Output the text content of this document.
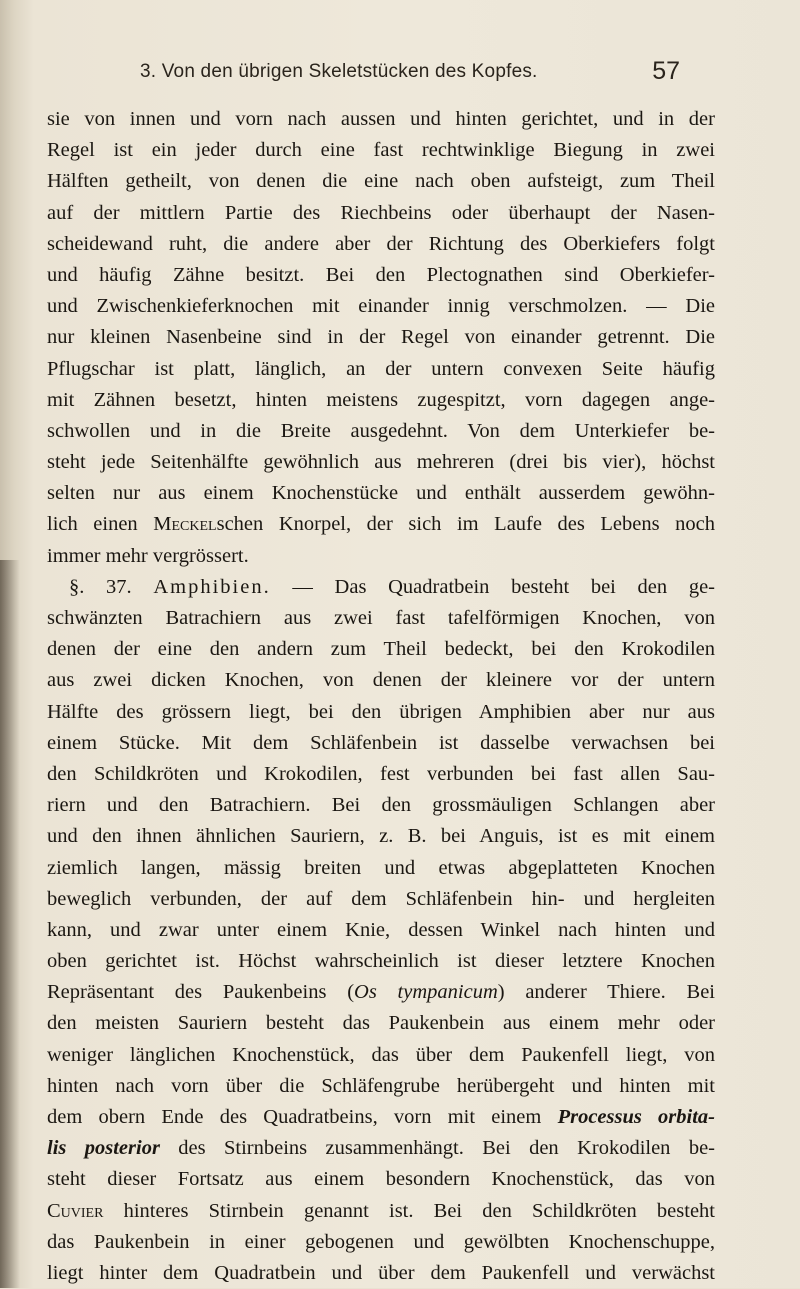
3. Von den übrigen Skeletstücken des Kopfes.	57
sie von innen und vorn nach aussen und hinten gerichtet, und in der
Regel ist ein jeder durch eine fast rechtwinklige Biegung in zwei
Hälften getheilt, von denen die eine nach oben aufsteigt, zum Theil
auf der mittlern Partie des Riechbeins oder überhaupt der Nasen-
scheidewand ruht, die andere aber der Richtung des Oberkiefers folgt
und häufig Zähne besitzt. Bei den Plectognathen sind Oberkiefer-
und Zwischenkieferknochen mit einander innig verschmolzen. — Die
nur kleinen Nasenbeine sind in der Regel von einander getrennt. Die
Pflugschar ist platt, länglich, an der untern convexen Seite häufig
mit Zähnen besetzt, hinten meistens zugespitzt, vorn dagegen ange-
schwollen und in die Breite ausgedehnt. Von dem Unterkiefer be-
steht jede Seitenhälfte gewöhnlich aus mehreren (drei bis vier), höchst
selten nur aus einem Knochenstücke und enthält ausserdem gewöhn-
lich einen Meckelschen Knorpel, der sich im Laufe des Lebens noch
immer mehr vergrössert.
§. 37. Amphibien. — Das Quadratbein besteht bei den ge-
schwänzten Batrachiern aus zwei fast tafelförmigen Knochen, von
denen der eine den andern zum Theil bedeckt, bei den Krokodilen
aus zwei dicken Knochen, von denen der kleinere vor der untern
Hälfte des grössern liegt, bei den übrigen Amphibien aber nur aus
einem Stücke. Mit dem Schläfenbein ist dasselbe verwachsen bei
den Schildkröten und Krokodilen, fest verbunden bei fast allen Sau-
riern und den Batrachiern. Bei den grossmäuligen Schlangen aber
und den ihnen ähnlichen Sauriern, z. B. bei Anguis, ist es mit einem
ziemlich langen, mässig breiten und etwas abgeplatteten Knochen
beweglich verbunden, der auf dem Schläfenbein hin- und hergleiten
kann, und zwar unter einem Knie, dessen Winkel nach hinten und
oben gerichtet ist. Höchst wahrscheinlich ist dieser letztere Knochen
Repräsentant des Paukenbeins (Os tympanicum) anderer Thiere. Bei
den meisten Sauriern besteht das Paukenbein aus einem mehr oder
weniger länglichen Knochenstück, das über dem Paukenfell liegt, von
hinten nach vorn über die Schläfengrube herübergeht und hinten mit
dem obern Ende des Quadratbeins, vorn mit einem Processus orbita-
lis posterior des Stirnbeins zusammenhängt. Bei den Krokodilen be-
steht dieser Fortsatz aus einem besondern Knochenstück, das von
Cuvier hinteres Stirnbein genannt ist. Bei den Schildkröten besteht
das Paukenbein in einer gebogenen und gewölbten Knochenschuppe,
liegt hinter dem Quadratbein und über dem Paukenfell und verwächst
